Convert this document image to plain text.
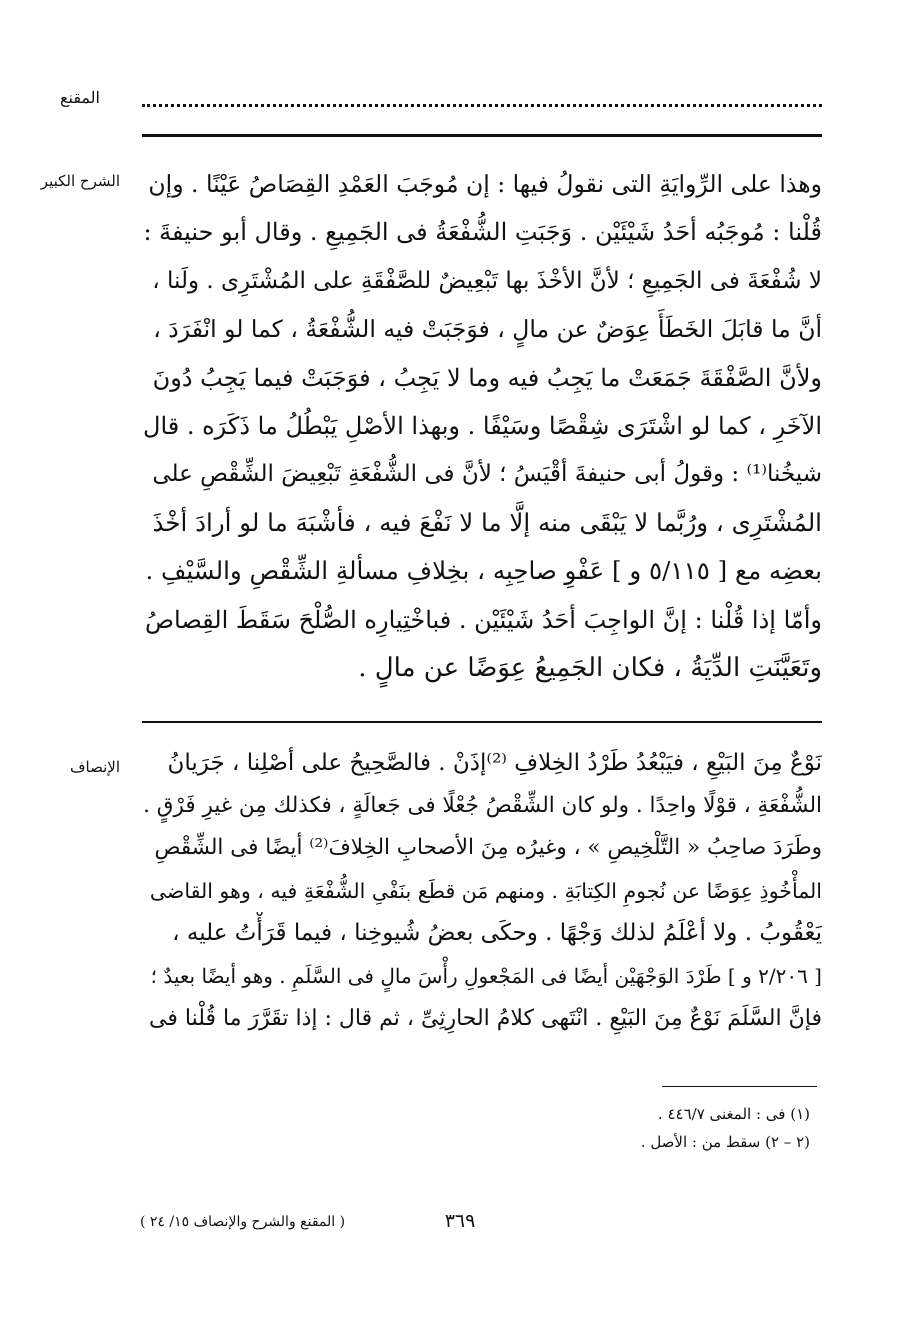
المقنع
الشرح الكبير وهذا على الرِّوايَةِ التى نقولُ فيها : إن مُوجَبَ العَمْدِ القِصَاصُ عَيْنًا . وإن
قُلْنا : مُوجَبُه أحَدُ شَيْئَيْن . وَجَبَتِ الشُّفْعَةُ فى الجَمِيعِ . وقال أبو حنيفةَ :
لا شُفْعَةَ فى الجَمِيعِ ؛ لأنَّ الأخْذَ بها تَبْعِيضٌ للصَّفْقَةِ على المُشْتَرِى . ولَنا ،
أنَّ ما قابَلَ الخَطَأَ عِوَضٌ عن مالٍ ، فوَجَبَتْ فيه الشُّفْعَةُ ، كما لو انْفَرَدَ ،
ولأنَّ الصَّفْقَةَ جَمَعَتْ ما يَجِبُ فيه وما لا يَجِبُ ، فوَجَبَتْ فيما يَجِبُ دُونَ
الآخَرِ ، كما لو اشْتَرَى شِقْصًا وسَيْفًا . وبهذا الأصْلِ يَبْطُلُ ما ذَكَرَه . قال
شيخُنا⁽¹⁾ : وقولُ أبى حنيفةَ أقْيَسُ ؛ لأنَّ فى الشُّفْعَةِ تَبْعِيضَ الشِّقْصِ على
المُشْتَرِى ، ورُبَّما لا يَبْقَى منه إلَّا ما لا نَفْعَ فيه ، فأشْبَهَ ما لو أرادَ أخْذَ
بعضِه مع [ ٥/١١٥ و ] عَفْوِ صاحِبِه ، بخِلافِ مسألةِ الشِّقْصِ والسَّيْفِ .
وأمّا إذا قُلْنا : إنَّ الواجِبَ أحَدُ شَيْئَيْن . فباخْتِيارِه الصُّلْحَ سَقَطَ القِصاصُ
وتَعَيَّنَتِ الدِّيَةُ ، فكان الجَمِيعُ عِوَضًا عن مالٍ .
الإنصاف	نَوْعٌ مِنَ البَيْعِ ، فيَبْعُدُ طَرْدُ الخِلافِ ⁽²⁾إذَنْ . فالصَّحِيحُ على أصْلِنا ، جَرَيانُ
الشُّفْعَةِ ، قوْلًا واحِدًا . ولو كان الشِّقْصُ جُعْلًا فى جَعالَةٍ ، فكذلك مِن غيرِ فَرْقٍ .
وطَرَدَ صاحِبُ « التَّلْخِيصِ » ، وغيرُه مِنَ الأصحابِ الخِلافَ⁽²⁾ أيضًا فى الشِّقْصِ
المأْخُوذِ عِوَضًا عن نُجومِ الكِتابَةِ . ومنهم مَن قطَع بنَفْىِ الشُّفْعَةِ فيه ، وهو القاضى
يَعْقُوبُ . ولا أعْلَمُ لذلك وَجْهًا . وحكَى بعضُ شُيوخِنا ، فيما قَرَأْتُ عليه ،
[ ٢/٢٠٦ و ] طَرْدَ الوَجْهَيْن أيضًا فى المَجْعولِ رأْسَ مالٍ فى السَّلَمِ . وهو أيضًا بعيدٌ ؛
فإنَّ السَّلَمَ نَوْعٌ مِنَ البَيْعِ . انْتَهى كلامُ الحارِثِىِّ ، ثم قال : إذا تقَرَّرَ ما قُلْنا فى
(١) فى : المغنى ٤٤٦/٧ .
(٢ – ٢) سقط من : الأصل .
٣٦٩
( المقنع والشرح والإنصاف ١٥/ ٢٤ )
